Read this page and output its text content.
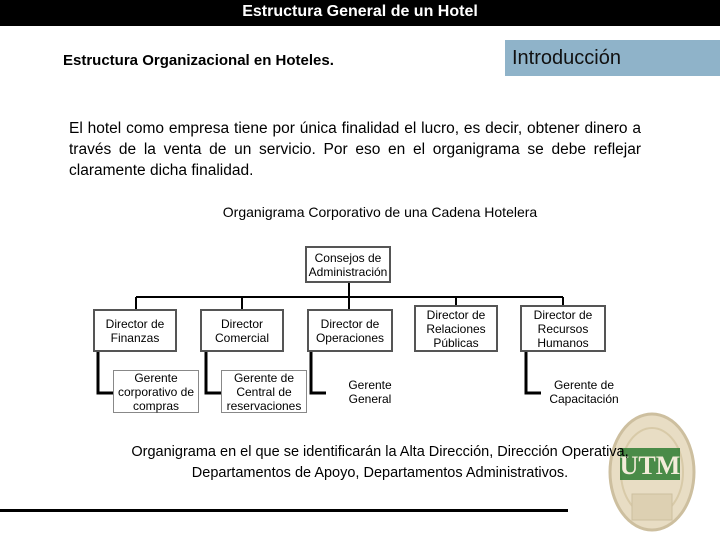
Estructura General de un Hotel
Estructura Organizacional en Hoteles.	Introducción
El hotel como empresa tiene por única finalidad el lucro, es decir, obtener dinero a través de la venta de un servicio. Por eso en el organigrama se debe reflejar claramente dicha finalidad.
Organigrama Corporativo de una Cadena Hotelera
Consejos de Administración
Director de Finanzas
Director Comercial
Director de Operaciones
Director de Relaciones Públicas
Director de Recursos Humanos
Gerente corporativo de compras
Gerente de Central de reservaciones
Gerente General
Gerente de Capacitación
UTM
Organigrama en el que se identificarán la Alta Dirección, Dirección Operativa,
Departamentos de Apoyo, Departamentos Administrativos.
